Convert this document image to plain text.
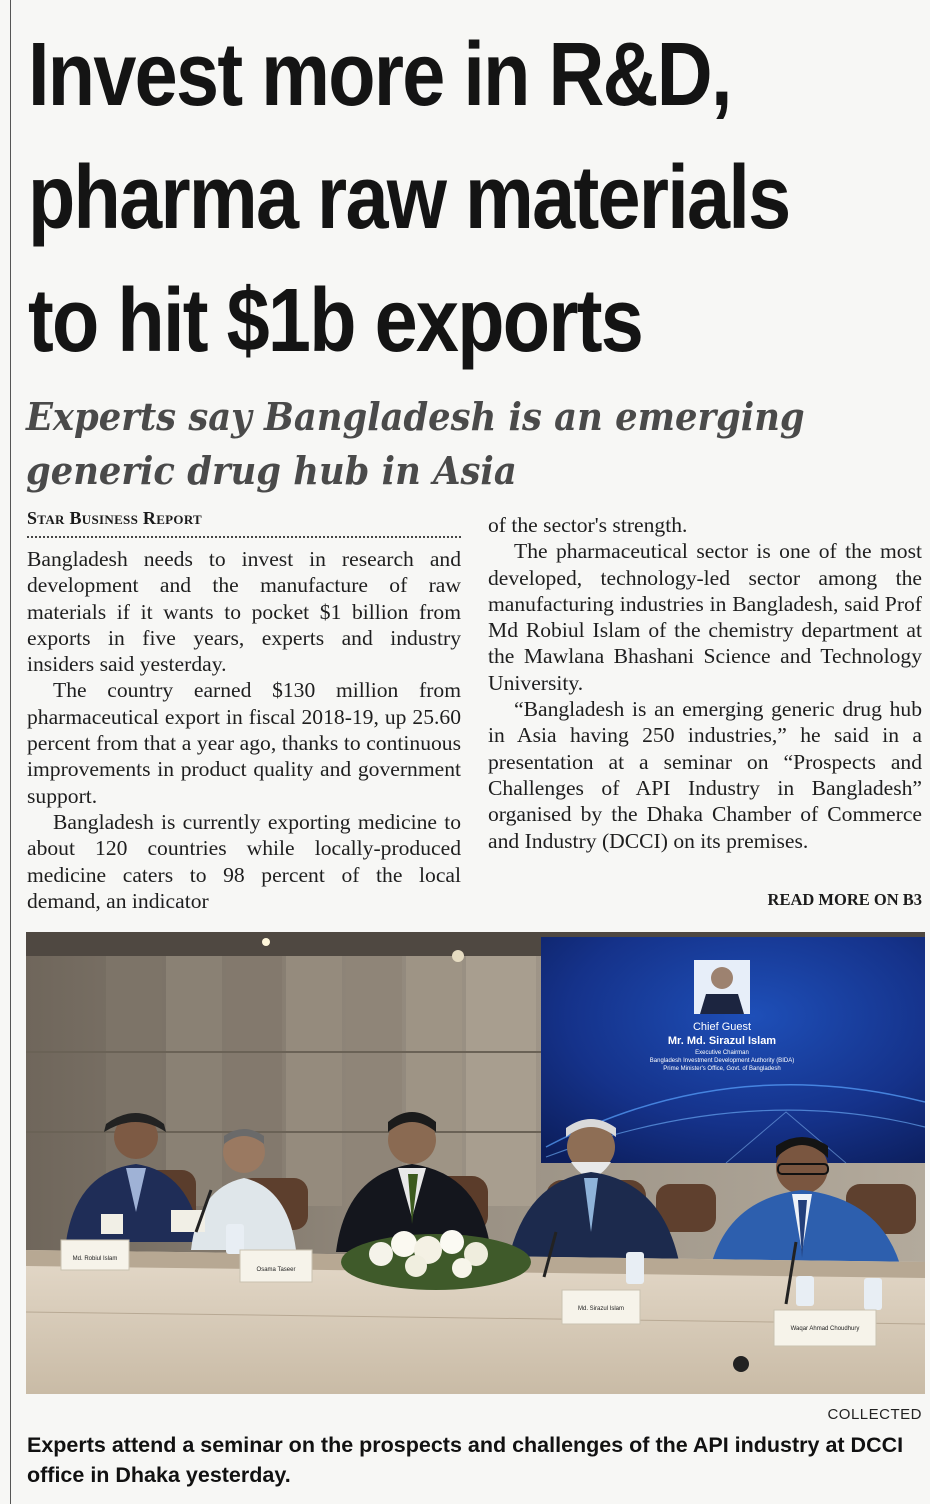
Invest more in R&D,
pharma raw materials
to hit $1b exports
Experts say Bangladesh is an emerging
generic drug hub in Asia
Star Business Report

Bangladesh needs to invest in research and development and the manufacture of raw materials if it wants to pocket $1 billion from exports in five years, experts and industry insiders said yesterday.

The country earned $130 million from pharmaceutical export in fiscal 2018-19, up 25.60 percent from that a year ago, thanks to continuous improvements in product quality and government support.

Bangladesh is currently exporting medicine to about 120 countries while locally-produced medicine caters to 98 percent of the local demand, an indicator

of the sector's strength.

The pharmaceutical sector is one of the most developed, technology-led sector among the manufacturing industries in Bangladesh, said Prof Md Robiul Islam of the chemistry department at the Mawlana Bhashani Science and Technology University.

“Bangladesh is an emerging generic drug hub in Asia having 250 industries,” he said in a presentation at a seminar on “Prospects and Challenges of API Industry in Bangladesh” organised by the Dhaka Chamber of Commerce and Industry (DCCI) on its premises.

READ MORE ON B3
Chief Guest
Mr. Md. Sirazul Islam
Executive Chairman
Bangladesh Investment Development Authority (BIDA)
Prime Minister's Office, Govt. of Bangladesh
Md. Robiul Islam
Osama Taseer
Md. Sirazul Islam
Waqar Ahmad Choudhury
COLLECTED
Experts attend a seminar on the prospects and challenges of the API industry at DCCI office in Dhaka yesterday.
